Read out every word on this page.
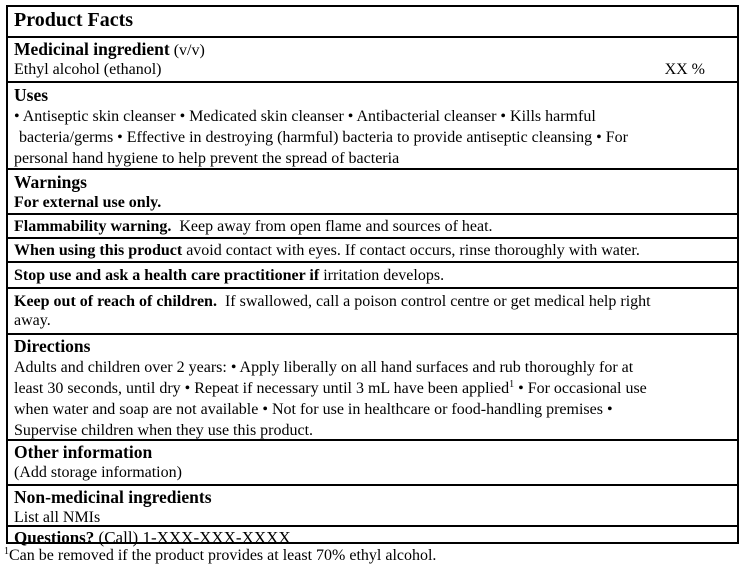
Product Facts
Medicinal ingredient (v/v)
Ethyl alcohol (ethanol)	XX %
Uses
• Antiseptic skin cleanser • Medicated skin cleanser • Antibacterial cleanser • Kills harmful
bacteria/germs • Effective in destroying (harmful) bacteria to provide antiseptic cleansing • For
personal hand hygiene to help prevent the spread of bacteria
Warnings
For external use only.
Flammability warning. Keep away from open flame and sources of heat.
When using this product avoid contact with eyes. If contact occurs, rinse thoroughly with water.
Stop use and ask a health care practitioner if irritation develops.
Keep out of reach of children. If swallowed, call a poison control centre or get medical help right
away.
Directions
Adults and children over 2 years: • Apply liberally on all hand surfaces and rub thoroughly for at
least 30 seconds, until dry • Repeat if necessary until 3 mL have been applied$^1$ • For occasional use
when water and soap are not available • Not for use in healthcare or food-handling premises •
Supervise children when they use this product.
Other information
(Add storage information)
Non-medicinal ingredients
List all NMIs
Questions? (Call) 1-XXX-XXX-XXXX
$^1$Can be removed if the product provides at least 70% ethyl alcohol.
